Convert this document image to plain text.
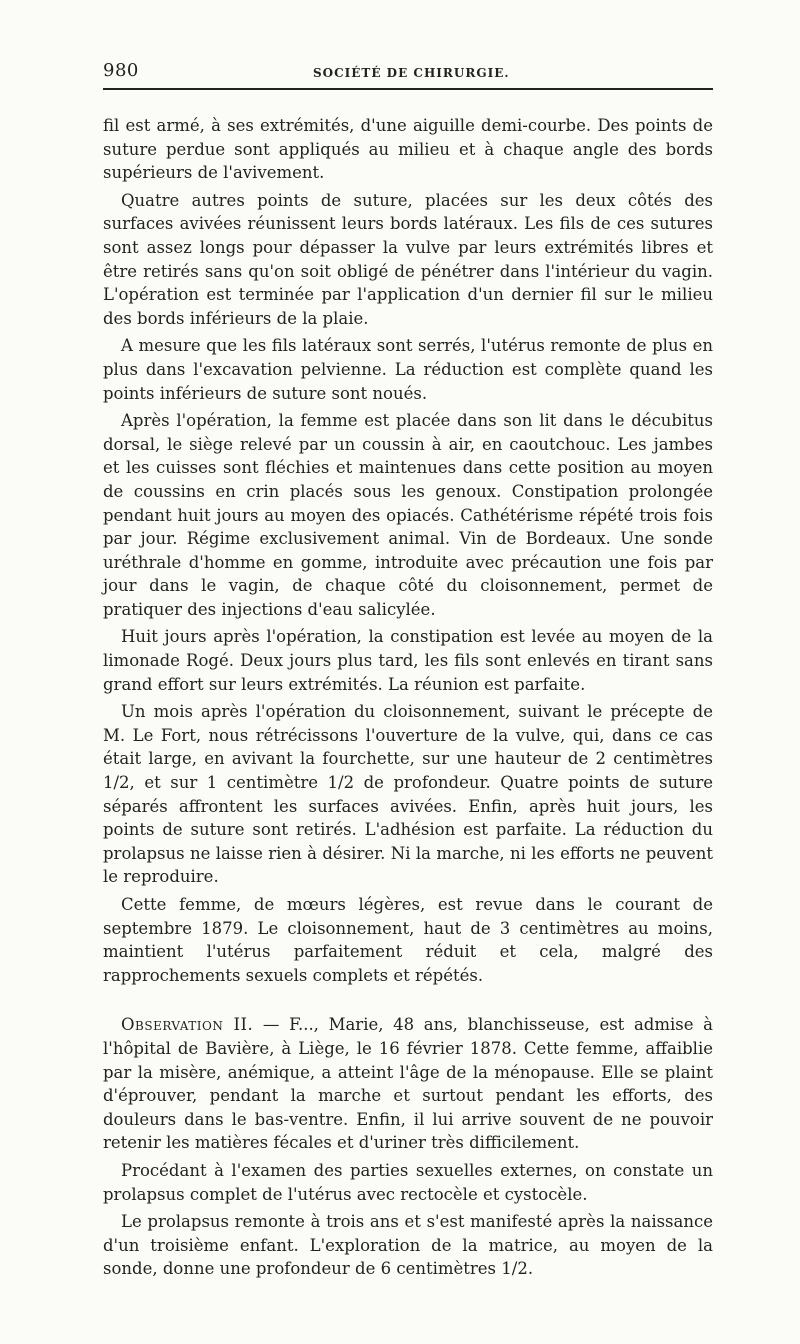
980	SOCIÉTÉ DE CHIRURGIE.

fil est armé, à ses extrémités, d'une aiguille demi-courbe. Des points de suture perdue sont appliqués au milieu et à chaque angle des bords supérieurs de l'avivement.

Quatre autres points de suture, placées sur les deux côtés des surfaces avivées réunissent leurs bords latéraux. Les fils de ces sutures sont assez longs pour dépasser la vulve par leurs extrémités libres et être retirés sans qu'on soit obligé de pénétrer dans l'intérieur du vagin. L'opération est terminée par l'application d'un dernier fil sur le milieu des bords inférieurs de la plaie.

A mesure que les fils latéraux sont serrés, l'utérus remonte de plus en plus dans l'excavation pelvienne. La réduction est complète quand les points inférieurs de suture sont noués.

Après l'opération, la femme est placée dans son lit dans le décubitus dorsal, le siège relevé par un coussin à air, en caoutchouc. Les jambes et les cuisses sont fléchies et maintenues dans cette position au moyen de coussins en crin placés sous les genoux. Constipation prolongée pendant huit jours au moyen des opiacés. Cathétérisme répété trois fois par jour. Régime exclusivement animal. Vin de Bordeaux. Une sonde uréthrale d'homme en gomme, introduite avec précaution une fois par jour dans le vagin, de chaque côté du cloisonnement, permet de pratiquer des injections d'eau salicylée.

Huit jours après l'opération, la constipation est levée au moyen de la limonade Rogé. Deux jours plus tard, les fils sont enlevés en tirant sans grand effort sur leurs extrémités. La réunion est parfaite.

Un mois après l'opération du cloisonnement, suivant le précepte de M. Le Fort, nous rétrécissons l'ouverture de la vulve, qui, dans ce cas était large, en avivant la fourchette, sur une hauteur de 2 centimètres 1/2, et sur 1 centimètre 1/2 de profondeur. Quatre points de suture séparés affrontent les surfaces avivées. Enfin, après huit jours, les points de suture sont retirés. L'adhésion est parfaite. La réduction du prolapsus ne laisse rien à désirer. Ni la marche, ni les efforts ne peuvent le reproduire.

Cette femme, de mœurs légères, est revue dans le courant de septembre 1879. Le cloisonnement, haut de 3 centimètres au moins, maintient l'utérus parfaitement réduit et cela, malgré des rapprochements sexuels complets et répétés.

Observation II. — F..., Marie, 48 ans, blanchisseuse, est admise à l'hôpital de Bavière, à Liège, le 16 février 1878. Cette femme, affaiblie par la misère, anémique, a atteint l'âge de la ménopause. Elle se plaint d'éprouver, pendant la marche et surtout pendant les efforts, des douleurs dans le bas-ventre. Enfin, il lui arrive souvent de ne pouvoir retenir les matières fécales et d'uriner très difficilement.

Procédant à l'examen des parties sexuelles externes, on constate un prolapsus complet de l'utérus avec rectocèle et cystocèle.

Le prolapsus remonte à trois ans et s'est manifesté après la naissance d'un troisième enfant. L'exploration de la matrice, au moyen de la sonde, donne une profondeur de 6 centimètres 1/2.
